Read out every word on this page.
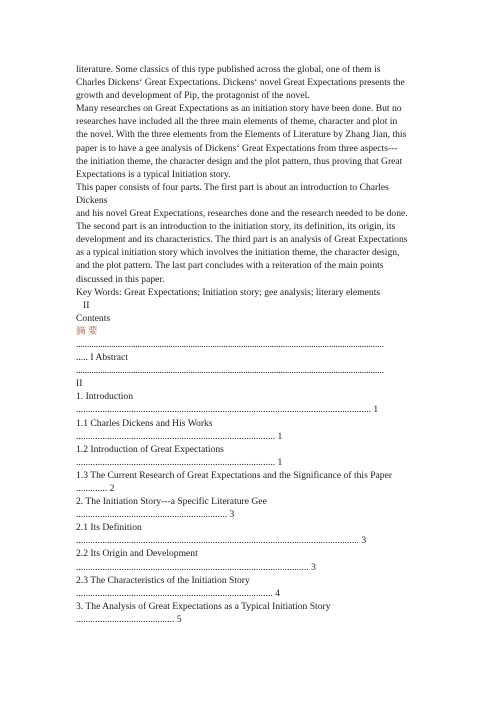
literature. Some classics of this type published across the global, one of them is

Charles Dickens‘ Great Expectations. Dickens‘ novel Great Expectations presents the

growth and development of Pip, the protagonist of the novel.

Many researches on Great Expectations as an initiation story have been done. But no

researches have included all the three main elements of theme, character and plot in

the novel. With the three elements from the Elements of Literature by Zhang Jian, this

paper is to have a gee analysis of Dickens‘ Great Expectations from three aspects---

the initiation theme, the character design and the plot pattern, thus proving that Great

Expectations is a typical Initiation story.

This paper consists of four parts. The first part is about an introduction to Charles

Dickens

and his novel Great Expectations, researches done and the research needed to be done.

The second part is an introduction to the initiation story, its definition, its origin, its

development and its characteristics. The third part is an analysis of Great Expectations

as a typical initiation story which involves the initiation theme, the character design,

and the plot pattern. The last part concludes with a reiteration of the main points

discussed in this paper.

Key Words: Great Expectations; Initiation story; gee analysis; literary elements

II

Contents

摘 要

............................................................................................................................................

..... I Abstract

............................................................................................................................................

II

1. Introduction

........................................................................................................................... 1

1.1 Charles Dickens and His Works

................................................................................... 1

1.2 Introduction of Great Expectations

................................................................................... 1

1.3 The Current Research of Great Expectations and the Significance of this Paper

............. 2

2. The Initiation Story---a Specific Literature Gee

............................................................... 3

2.1 Its Definition

...................................................................................................................... 3

2.2 Its Origin and Development

................................................................................................. 3

2.3 The Characteristics of the Initiation Story

.................................................................................. 4

3. The Analysis of Great Expectations as a Typical Initiation Story

......................................... 5
